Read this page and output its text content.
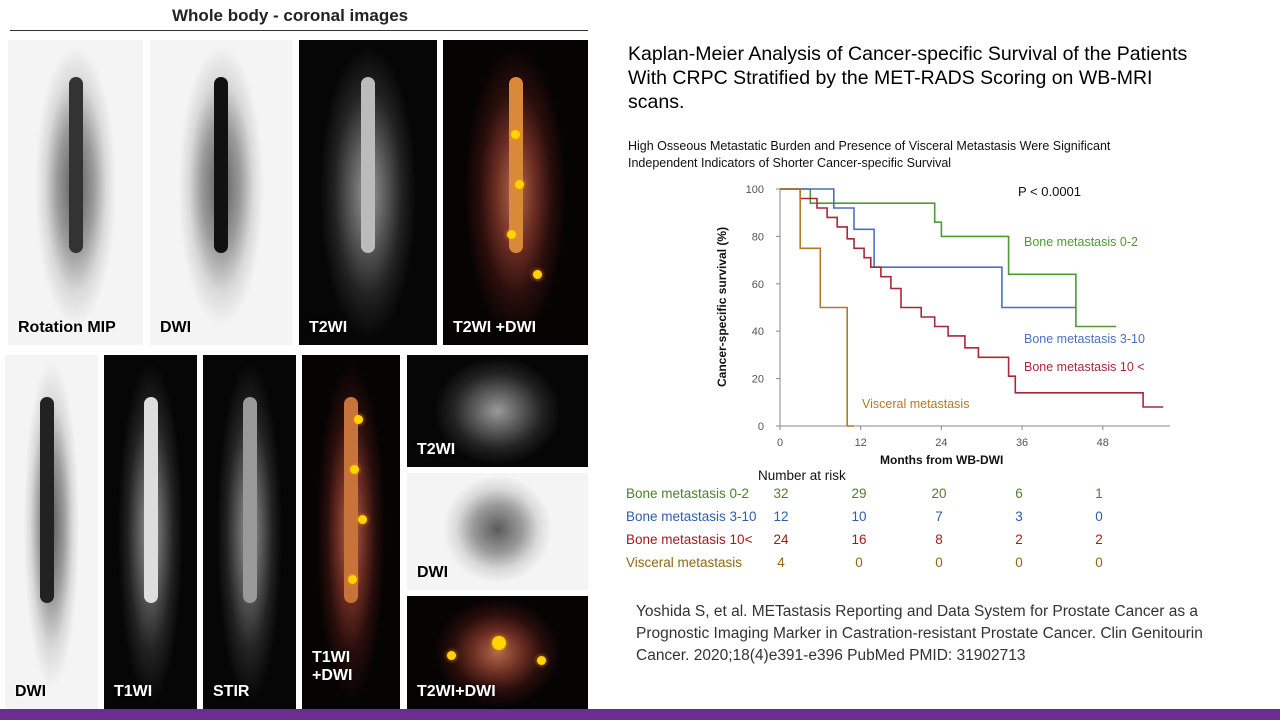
Whole body - coronal images
Rotation MIP	DWI	T2WI	T2WI +DWI
DWI	T1WI	STIR
T1WI
+DWI
T2WI
DWI
T2WI+DWI
Kaplan-Meier Analysis of Cancer-specific Survival of the Patients With CRPC Stratified by the MET-RADS Scoring on WB-MRI scans.
High Osseous Metastatic Burden and Presence of Visceral Metastasis Were Significant Independent Indicators of Shorter Cancer-specific Survival
0
20
40
60
80
100
0	12	24	36	48
Cancer-specific survival (%)
Months from WB-DWI
P < 0.0001
Bone metastasis 0-2
Bone metastasis 3-10
Bone metastasis 10 <
Visceral metastasis
Number at risk
Bone metastasis 0-2	32	29	20	6	1
Bone metastasis 3-10	12	10	7	3	0
Bone metastasis 10<	24	16	8	2	2
Visceral metastasis	4	0	0	0	0
Yoshida S, et al. METastasis Reporting and Data System for Prostate Cancer as a Prognostic Imaging Marker in Castration-resistant Prostate Cancer. Clin Genitourin Cancer. 2020;18(4)e391-e396 PubMed PMID: 31902713
